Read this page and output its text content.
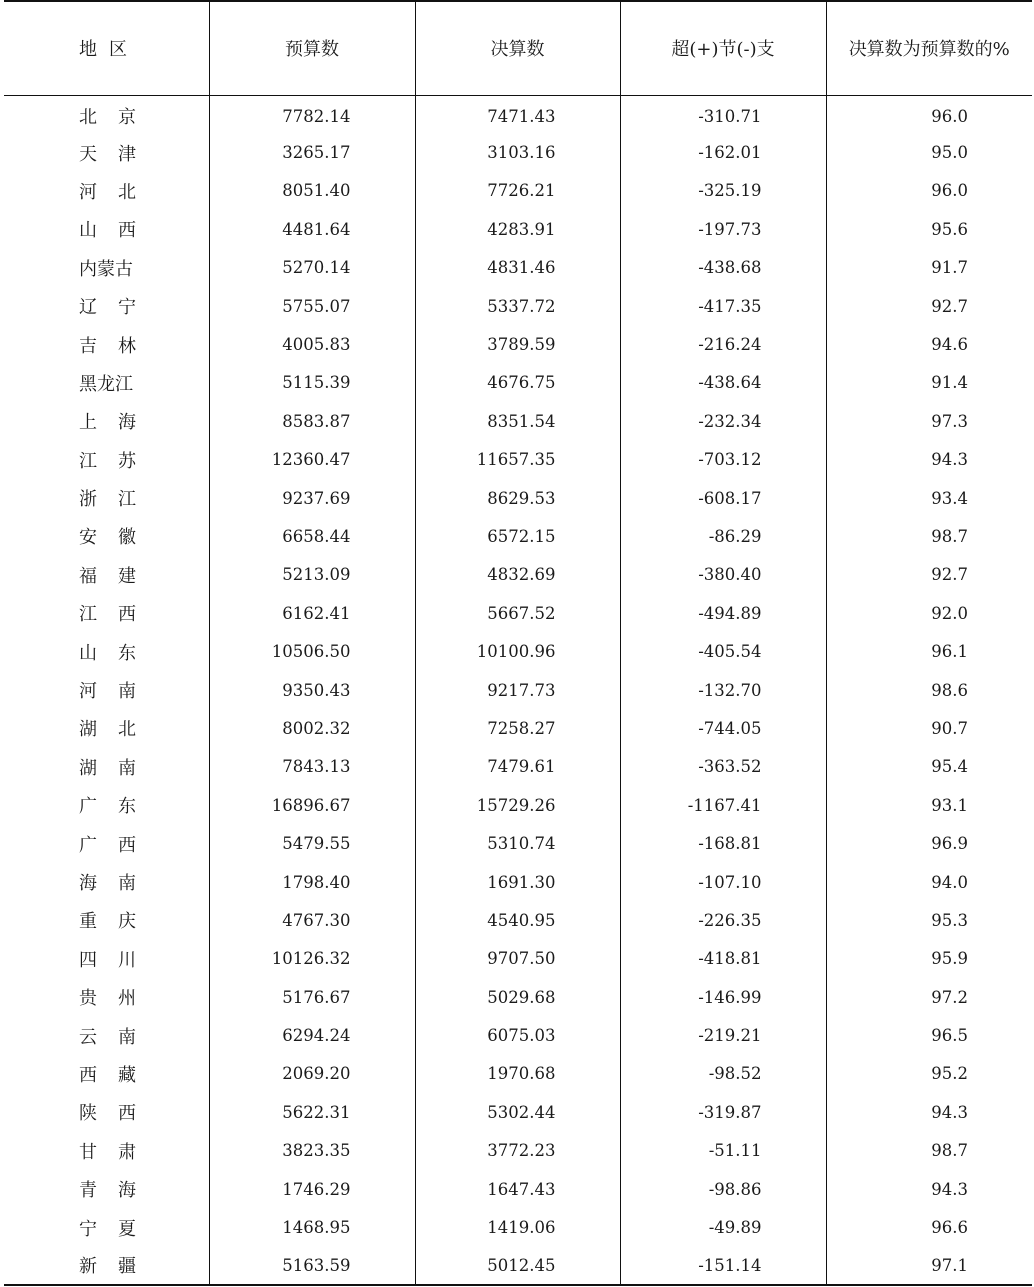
地区	预算数	决算数	超(+)节(-)支	决算数为预算数的%
北京	7782.14	7471.43	-310.71	96.0
天津	3265.17	3103.16	-162.01	95.0
河北	8051.40	7726.21	-325.19	96.0
山西	4481.64	4283.91	-197.73	95.6
内蒙古	5270.14	4831.46	-438.68	91.7
辽宁	5755.07	5337.72	-417.35	92.7
吉林	4005.83	3789.59	-216.24	94.6
黑龙江	5115.39	4676.75	-438.64	91.4
上海	8583.87	8351.54	-232.34	97.3
江苏	12360.47	11657.35	-703.12	94.3
浙江	9237.69	8629.53	-608.17	93.4
安徽	6658.44	6572.15	-86.29	98.7
福建	5213.09	4832.69	-380.40	92.7
江西	6162.41	5667.52	-494.89	92.0
山东	10506.50	10100.96	-405.54	96.1
河南	9350.43	9217.73	-132.70	98.6
湖北	8002.32	7258.27	-744.05	90.7
湖南	7843.13	7479.61	-363.52	95.4
广东	16896.67	15729.26	-1167.41	93.1
广西	5479.55	5310.74	-168.81	96.9
海南	1798.40	1691.30	-107.10	94.0
重庆	4767.30	4540.95	-226.35	95.3
四川	10126.32	9707.50	-418.81	95.9
贵州	5176.67	5029.68	-146.99	97.2
云南	6294.24	6075.03	-219.21	96.5
西藏	2069.20	1970.68	-98.52	95.2
陕西	5622.31	5302.44	-319.87	94.3
甘肃	3823.35	3772.23	-51.11	98.7
青海	1746.29	1647.43	-98.86	94.3
宁夏	1468.95	1419.06	-49.89	96.6
新疆	5163.59	5012.45	-151.14	97.1
